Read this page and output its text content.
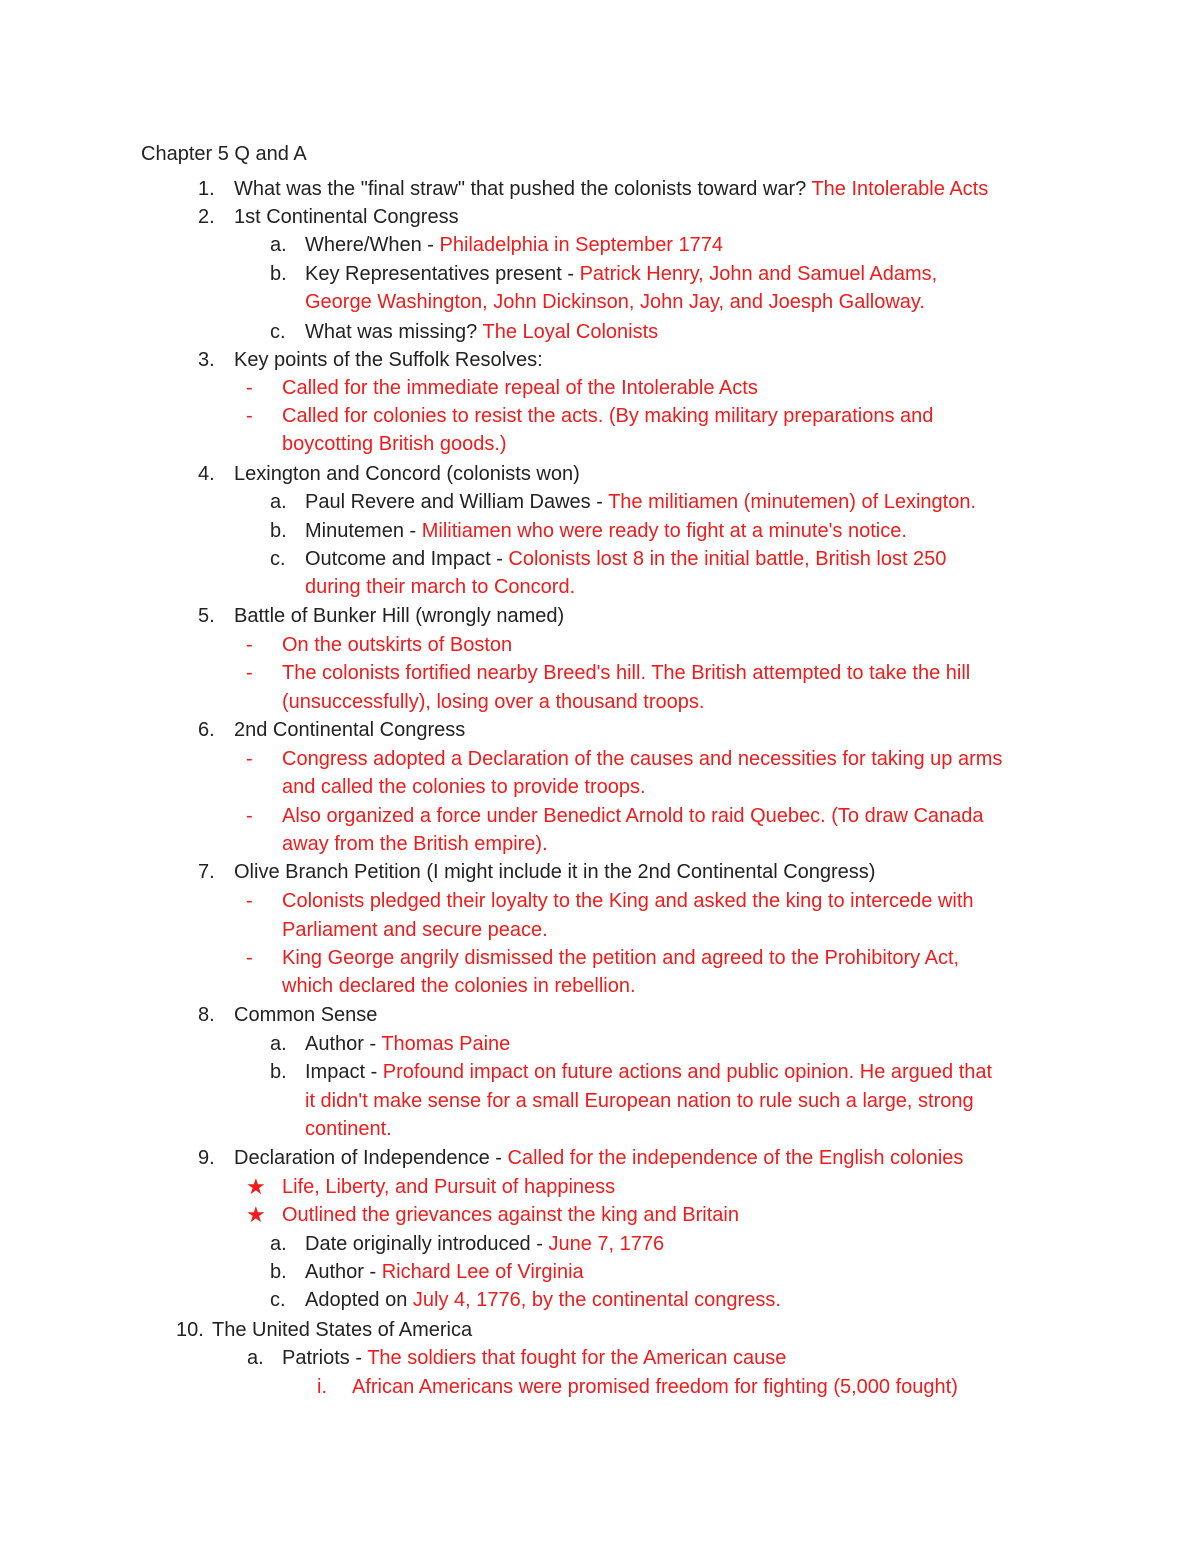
Chapter 5 Q and A
1. What was the "final straw" that pushed the colonists toward war? The Intolerable Acts
2. 1st Continental Congress
a. Where/When - Philadelphia in September 1774
b. Key Representatives present - Patrick Henry, John and Samuel Adams,
George Washington, John Dickinson, John Jay, and Joesph Galloway.
c. What was missing? The Loyal Colonists
3. Key points of the Suffolk Resolves:
- Called for the immediate repeal of the Intolerable Acts
- Called for colonies to resist the acts. (By making military preparations and
boycotting British goods.)
4. Lexington and Concord (colonists won)
a. Paul Revere and William Dawes - The militiamen (minutemen) of Lexington.
b. Minutemen - Militiamen who were ready to fight at a minute's notice.
c. Outcome and Impact - Colonists lost 8 in the initial battle, British lost 250
during their march to Concord.
5. Battle of Bunker Hill (wrongly named)
- On the outskirts of Boston
- The colonists fortified nearby Breed's hill. The British attempted to take the hill
(unsuccessfully), losing over a thousand troops.
6. 2nd Continental Congress
- Congress adopted a Declaration of the causes and necessities for taking up arms
and called the colonies to provide troops.
- Also organized a force under Benedict Arnold to raid Quebec. (To draw Canada
away from the British empire).
7. Olive Branch Petition (I might include it in the 2nd Continental Congress)
- Colonists pledged their loyalty to the King and asked the king to intercede with
Parliament and secure peace.
- King George angrily dismissed the petition and agreed to the Prohibitory Act,
which declared the colonies in rebellion.
8. Common Sense
a. Author - Thomas Paine
b. Impact - Profound impact on future actions and public opinion. He argued that
it didn't make sense for a small European nation to rule such a large, strong
continent.
9. Declaration of Independence - Called for the independence of the English colonies
★ Life, Liberty, and Pursuit of happiness
★ Outlined the grievances against the king and Britain
a. Date originally introduced - June 7, 1776
b. Author - Richard Lee of Virginia
c. Adopted on July 4, 1776, by the continental congress.
10. The United States of America
a. Patriots - The soldiers that fought for the American cause
i. African Americans were promised freedom for fighting (5,000 fought)
